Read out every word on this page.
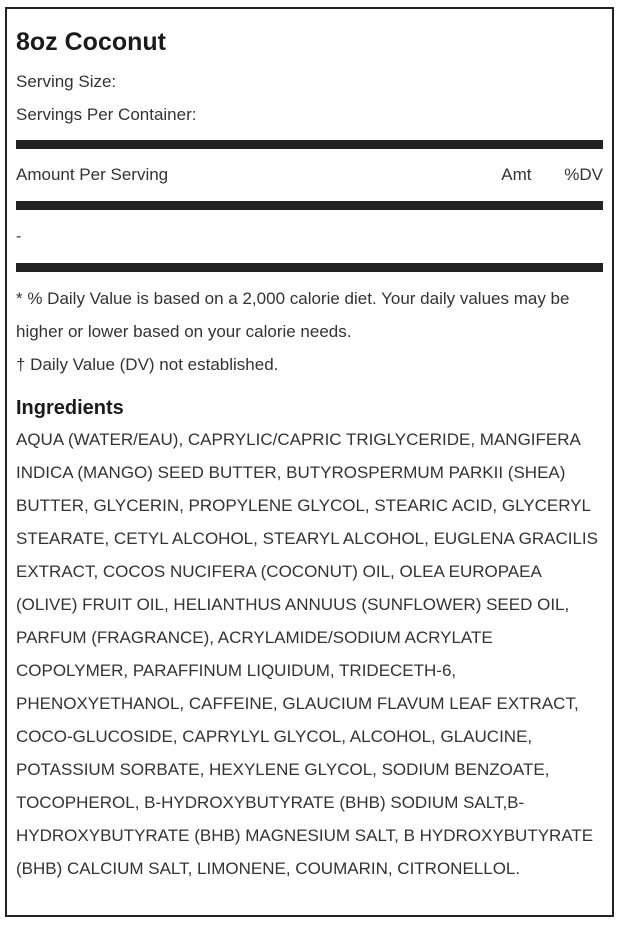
8oz Coconut
Serving Size:
Servings Per Container:
Amount Per Serving	Amt %DV
-
* % Daily Value is based on a 2,000 calorie diet. Your daily values may be higher or lower based on your calorie needs.
† Daily Value (DV) not established.
Ingredients
AQUA (WATER/EAU), CAPRYLIC/CAPRIC TRIGLYCERIDE, MANGIFERA INDICA (MANGO) SEED BUTTER, BUTYROSPERMUM PARKII (SHEA) BUTTER, GLYCERIN, PROPYLENE GLYCOL, STEARIC ACID, GLYCERYL STEARATE, CETYL ALCOHOL, STEARYL ALCOHOL, EUGLENA GRACILIS EXTRACT, COCOS NUCIFERA (COCONUT) OIL, OLEA EUROPAEA (OLIVE) FRUIT OIL, HELIANTHUS ANNUUS (SUNFLOWER) SEED OIL, PARFUM (FRAGRANCE), ACRYLAMIDE/SODIUM ACRYLATE COPOLYMER, PARAFFINUM LIQUIDUM, TRIDECETH-6, PHENOXYETHANOL, CAFFEINE, GLAUCIUM FLAVUM LEAF EXTRACT, COCO-GLUCOSIDE, CAPRYLYL GLYCOL, ALCOHOL, GLAUCINE, POTASSIUM SORBATE, HEXYLENE GLYCOL, SODIUM BENZOATE, TOCOPHEROL, B-HYDROXYBUTYRATE (BHB) SODIUM SALT,B-HYDROXYBUTYRATE (BHB) MAGNESIUM SALT, B HYDROXYBUTYRATE (BHB) CALCIUM SALT, LIMONENE, COUMARIN, CITRONELLOL.
